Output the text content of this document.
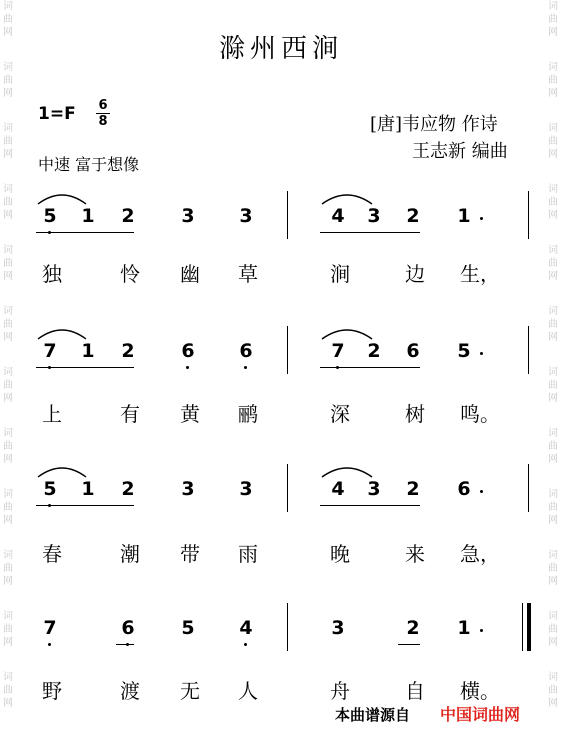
词
曲
网
词
曲
网
词
曲
网
词
曲
网
词
曲
网
词
曲
网
词
曲
网
词
曲
网
词
曲
网
词
曲
网
词
曲
网
词
曲
网
词
曲
网
词
曲
网
词
曲
网
词
曲
网
词
曲
网
词
曲
网
词
曲
网
词
曲
网
词
曲
网
词
曲
网
词
曲
网
词
曲
网
滁州西涧
1=F 6
8	[唐]韦应物 作诗
王志新 编曲
中速 富于想像
5 1 2 3 3	4 3 2 1
独	怜 幽 草	涧	边 生，
7 1 2 6 6	7 2 6 5
上	有 黄 鹂	深	树 鸣。
5 1 2 3 3	4 3 2 6
春	潮 带 雨	晚	来 急，
7	6 5 4	3	2 1
野	渡 无 人	舟	自 横。
本曲谱源自 中国词曲网
